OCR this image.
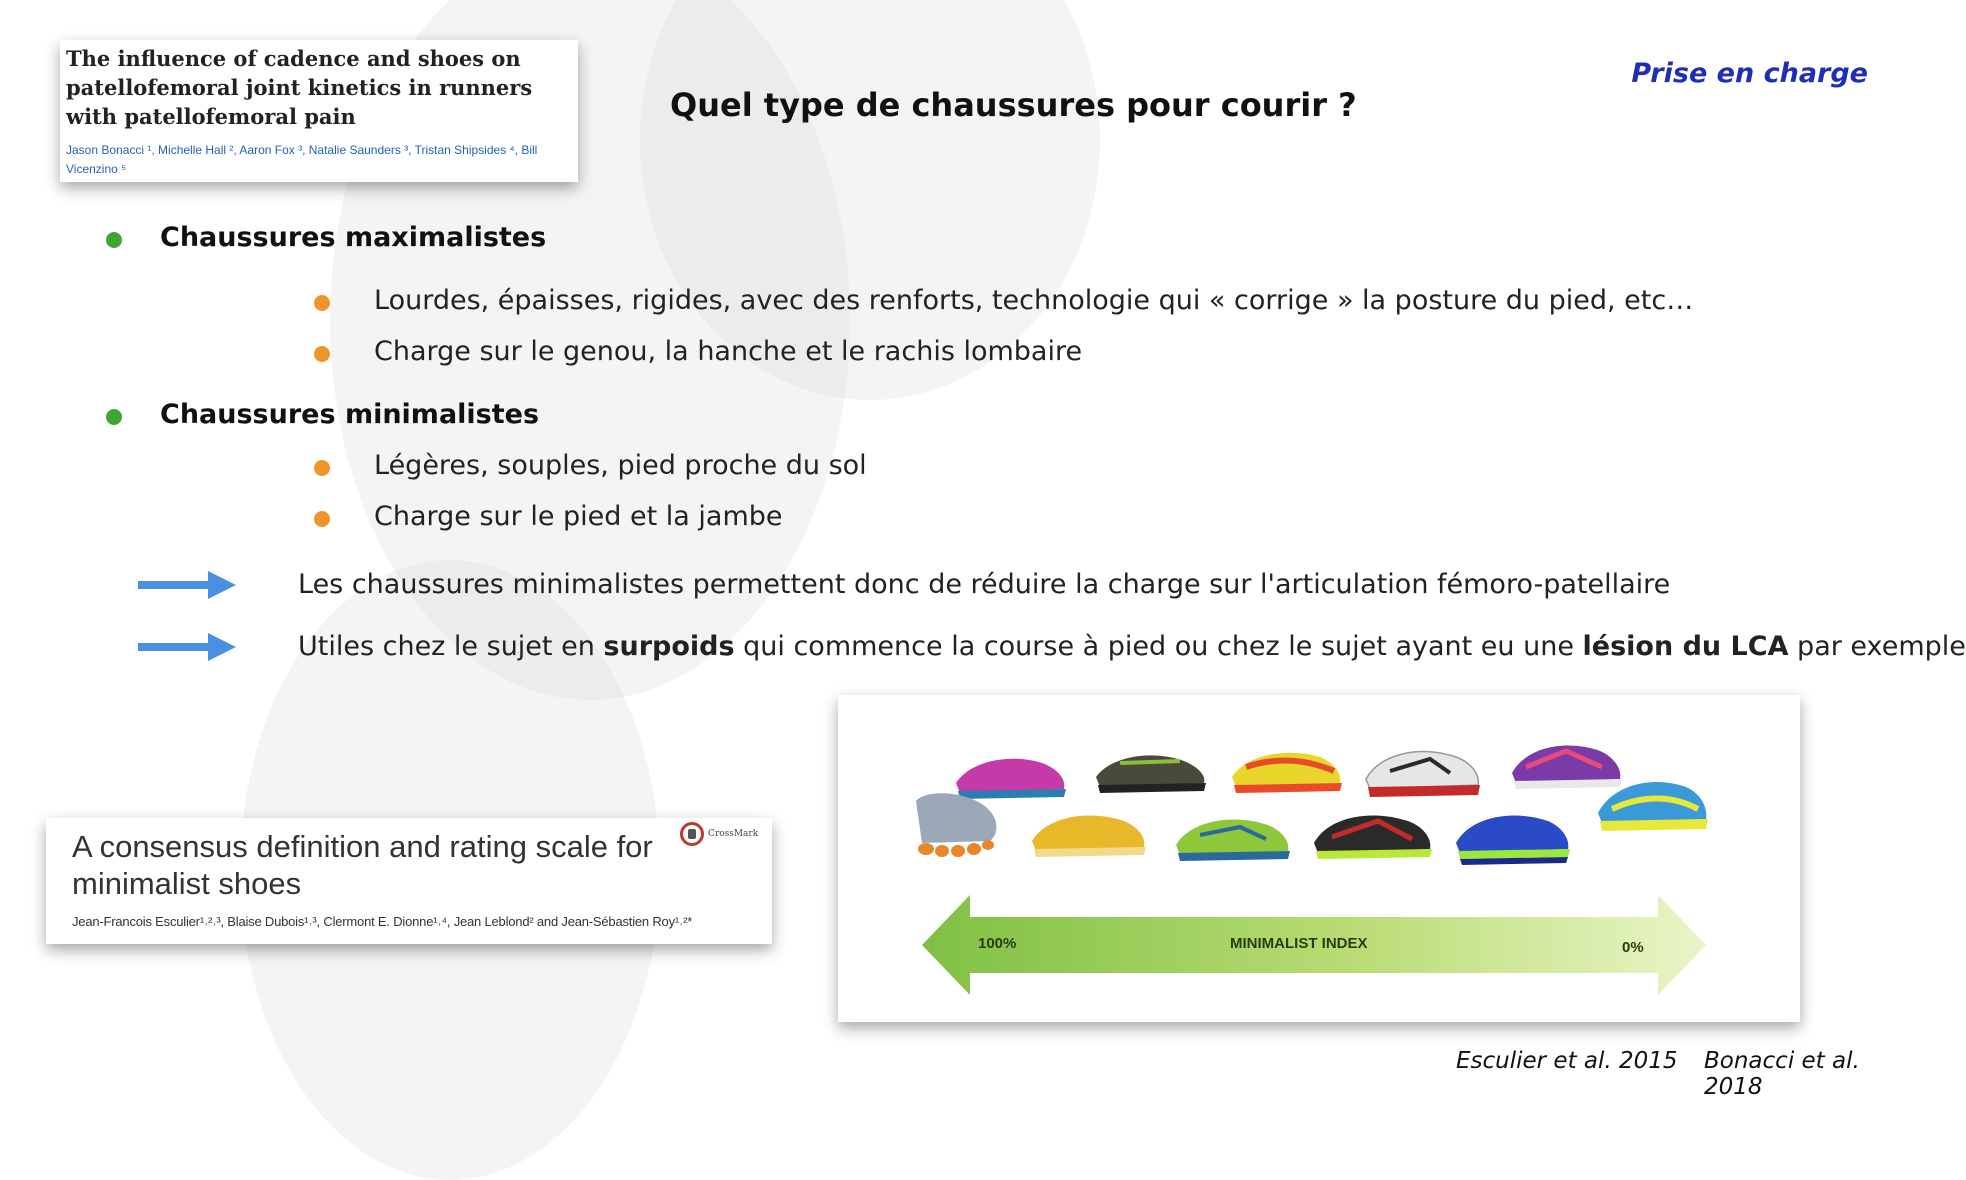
The influence of cadence and shoes on patellofemoral joint kinetics in runners with patellofemoral pain
Jason Bonacci ¹, Michelle Hall ², Aaron Fox ³, Natalie Saunders ³, Tristan Shipsides ⁴, Bill Vicenzino ⁵
Quel type de chaussures pour courir ?
Prise en charge
Chaussures maximalistes
Lourdes, épaisses, rigides, avec des renforts, technologie qui « corrige » la posture du pied, etc…
Charge sur le genou, la hanche et le rachis lombaire
Chaussures minimalistes
Légères, souples, pied proche du sol
Charge sur le pied et la jambe
Les chaussures minimalistes permettent donc de réduire la charge sur l'articulation fémoro-patellaire
Utiles chez le sujet en surpoids qui commence la course à pied ou chez le sujet ayant eu une lésion du LCA par exemple
A consensus definition and rating scale for minimalist shoes
CrossMark
Jean-Francois Esculier¹˒²˒³, Blaise Dubois¹˒³, Clermont E. Dionne¹˒⁴, Jean Leblond² and Jean-Sébastien Roy¹˒²*
100%	MINIMALIST INDEX	0%
Esculier et al. 2015 Bonacci et al. 2018
